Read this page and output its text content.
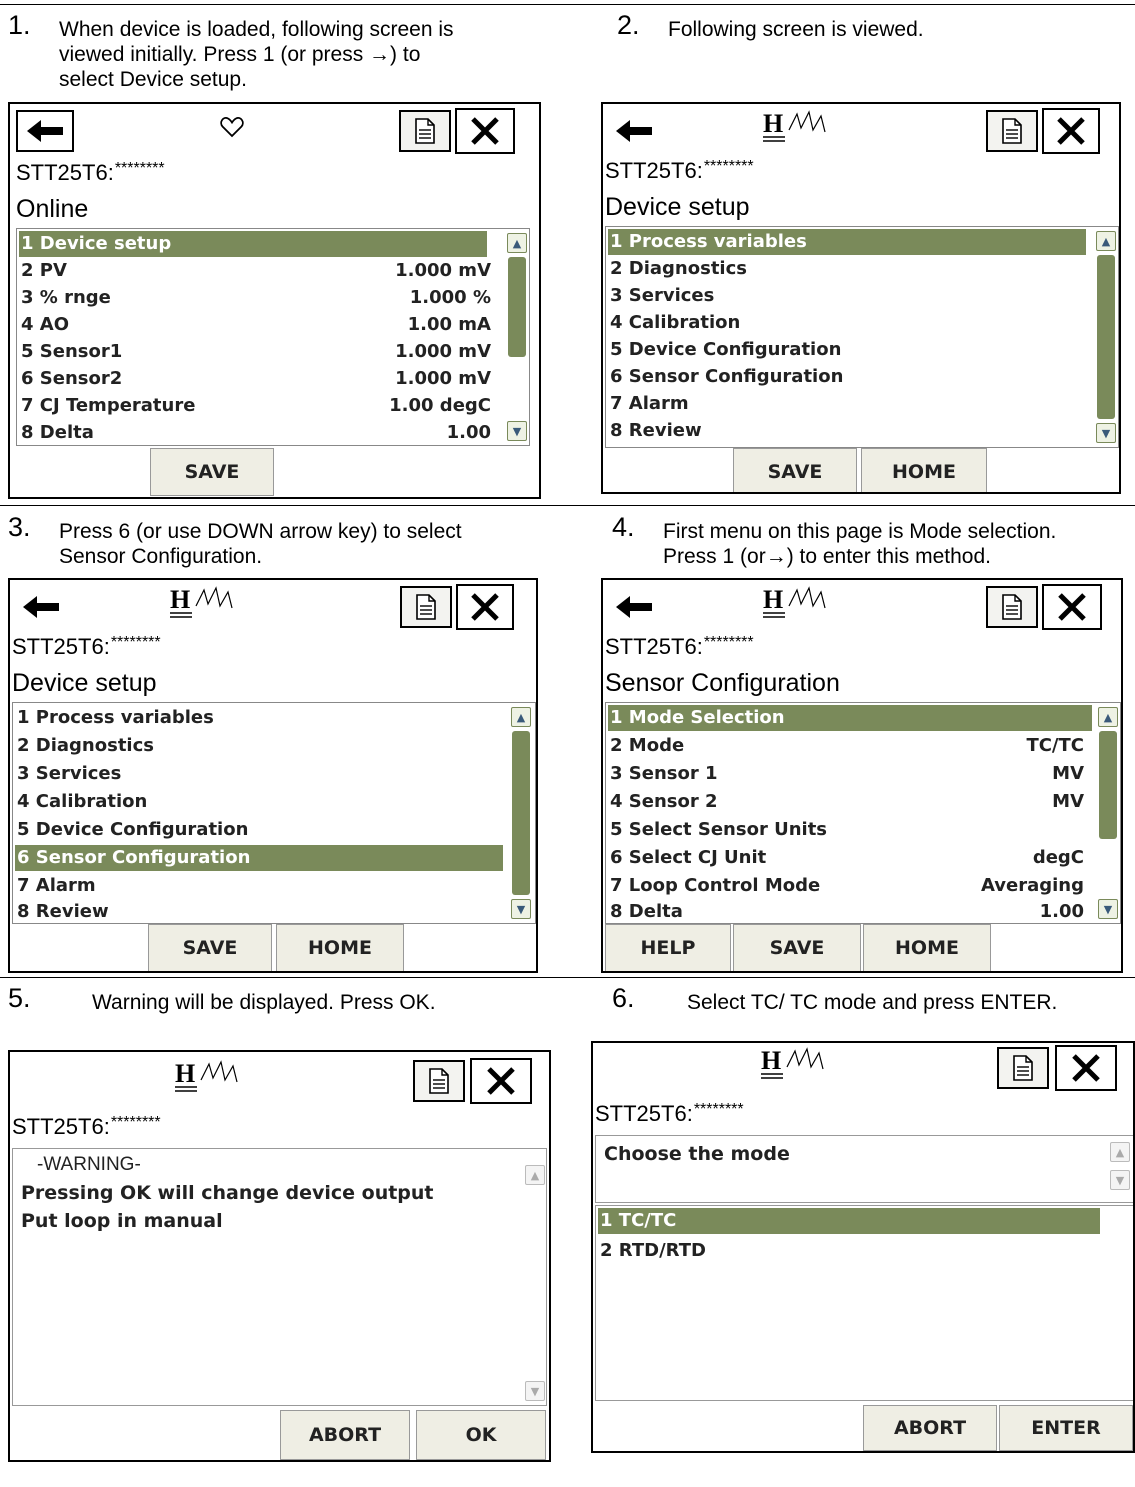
1. When device is loaded, following screen is
viewed initially. Press 1 (or press →) to
select Device setup.
2. Following screen is viewed.
3. Press 6 (or use DOWN arrow key) to select
Sensor Configuration.
4. First menu on this page is Mode selection.
Press 1 (or→) to enter this method.
5.	Warning will be displayed. Press OK.	6. Select TC/ TC mode and press ENTER.
STT25T6:********
Online
1 Device setup
2 PV	1.000 mV
3 % rnge	1.000 %
4 AO	1.00 mA
5 Sensor1	1.000 mV
6 Sensor2	1.000 mV
7 CJ Temperature	1.00 degC
8 Delta	1.00
▲
▼
SAVE
H
STT25T6:********
Device setup
1 Process variables
2 Diagnostics
3 Services
4 Calibration
5 Device Configuration
6 Sensor Configuration
7 Alarm
8 Review
▲
▼
SAVE	HOME
H
STT25T6:********
Device setup
1 Process variables
2 Diagnostics
3 Services
4 Calibration
5 Device Configuration
6 Sensor Configuration
7 Alarm
8 Review
▲
▼
SAVE	HOME
H
STT25T6:********
Sensor Configuration
1 Mode Selection
2 Mode	TC/TC
3 Sensor 1	MV
4 Sensor 2	MV
5 Select Sensor Units
6 Select CJ Unit	degC
7 Loop Control Mode	Averaging
8 Delta	1.00
▲
▼
HELP	SAVE	HOME
H
STT25T6:********
-WARNING-
Pressing OK will change device output
Put loop in manual
▲
▼
ABORT	OK
H
STT25T6:********
Choose the mode	▲
▼
1 TC/TC
2 RTD/RTD
ABORT	ENTER
